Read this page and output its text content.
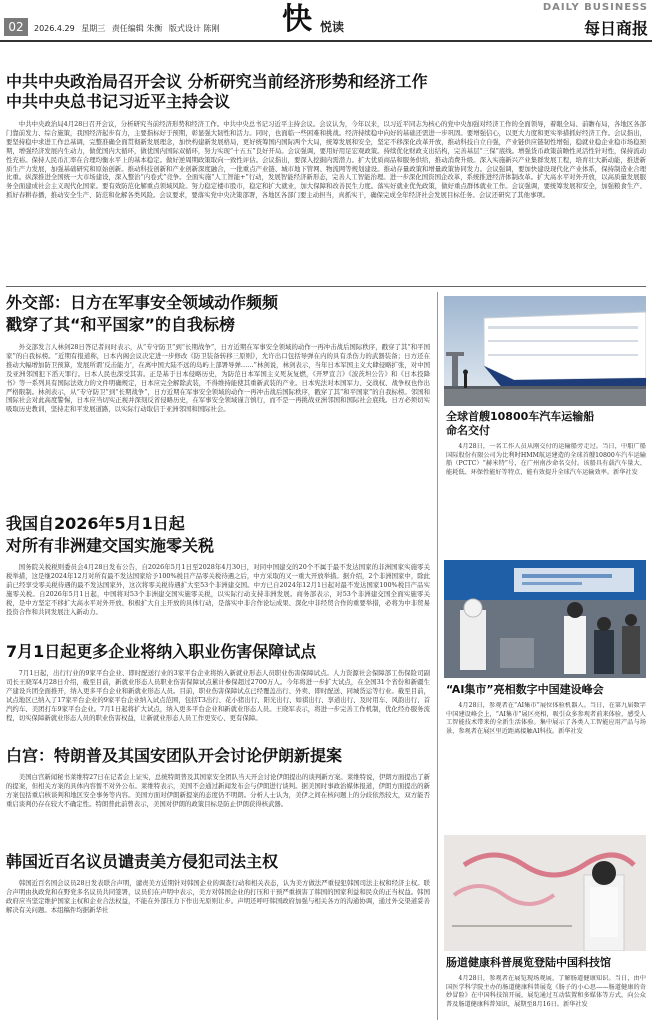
02	2026.4.29 星期三 责任编辑 朱衡 版式设计 陈刚 快 悦读
DAILY BUSINESS
每日商报
中共中央政治局召开会议 分析研究当前经济形势和经济工作
中共中央总书记习近平主持会议
中共中央政治局4月28日召开会议，分析研究当前经济形势和经济工作。中共中央总书记习近平主持会议。会议认为，今年以来，以习近平同志为核心的党中央加强对经济工作的全面领导，着眼全局、前瞻布局，各地区各部门靠前发力、综合施策，我国经济起步有力，主要指标好于预期，彰显强大韧性和活力。同时，也面临一些困难和挑战。经济持续稳中向好的基础还需进一步巩固。要增强信心，以更大力度和更实举措抓好经济工作。会议指出，要坚持稳中求进工作总基调，完整准确全面贯彻新发展理念，加快构建新发展格局，更好统筹国内国际两个大局，统筹发展和安全，坚定不移深化改革开放，推动科技自立自强，产业链供应链韧性增强，稳就业稳企业稳市场稳预期，增强经济发展内生动力，做优国内大循环，做优国内国际双循环，努力实现“十五五”良好开局。会议强调，要用好用足宏观政策。持续优化财政支出结构，完善基层“三保”底线。增强货币政策前瞻性灵活性针对性，保持流动性充裕。保持人民币汇率在合理均衡水平上的基本稳定。做好逆周期政策取向一致性评估。会议指出，要深入挖掘内需潜力。扩大优质商品和服务供给，推动消费升级。深入实施新兴产业集群发展工程，培育壮大新动能，推进新质生产力发展，加强基础研究和原始创新。推动科技创新和产业创新深度融合，一批重点产业链、城市地下管网、物流网等规划建设。推动存量政策和增量政策协同发力。会议强调，要加快建设现代化产业体系，保持制造业合理比重。纵深推进全国统一大市场建设，深入整治“内卷式”竞争。全面实施“人工智能+”行动，发展智能经济新形态，完善人工智能治理。进一步深化国资国企改革，系统推进经济体制改革。扩大高水平对外开放，以高质量发展服务全面建成社会主义现代化国家。要有效防范化解重点领域风险。努力稳定楼市股市，稳定和扩大就业，加大保障和改善民生力度。落实好就业优先政策，做好重点群体就业工作。会议强调，要统筹发展和安全，加强粮食生产、抓好春耕春播，推动安全生产、防范和化解各类风险。会议要求，要落实党中央决策部署，各地区各部门要主动担当，真抓实干，确保完成全年经济社会发展目标任务。会议还研究了其他事项。
外交部：日方在军事安全领域动作频频
戳穿了其“和平国家”的自我标榜
外交部发言人林剑28日答记者问时表示，从“专守防卫”到“长期战争”，日方近期在军事安全领域的动作一再冲击战后国际秩序，戳穿了其“和平国家”的自我标榜。“近期有报道称，日本内阁会议决定进一步修改《防卫装备转移三原则》，允许出口包括导弹在内的具有杀伤力的武器装备；日方还在推动大幅增加防卫预算，发展所谓‘反击能力’，在离中国大陆不远的岛屿上部署导弹……”林剑说，林剑表示，当年日本军国主义大肆侵略扩张，对中国及亚洲邻国犯下滔天罪行。日本人民也深受其害。正是基于日本侵略历史，为防范日本军国主义死灰复燃，《开罗宣言》《波茨坦公告》和《日本投降书》等一系列具有国际法效力的文件明确规定，日本应完全解除武装，不得维持能使其重新武装的产业。日本宪法对本国军力、交战权、战争权也作出严格限制。林剑表示，从“专守防卫”到“长期战争”，日方近期在军事安全领域的动作一再冲击战后国际秩序，戳穿了其“和平国家”的自我标榜。邻国和国际社会对此高度警惕，日本应当切实正视并深刻反省侵略历史，在军事安全领域谨言慎行，而不是一再挑战亚洲邻国和国际社会底线。日方必须切实吸取历史教训，坚持走和平发展道路，以实际行动取信于亚洲邻国和国际社会。
我国自2026年5月1日起
对所有非洲建交国实施零关税
国务院关税税则委员会4月28日发布公告，自2026年5月1日至2028年4月30日，对同中国建交的20个不属于最不发达国家的非洲国家实施零关税举措，这是继2024年12月对所有最不发达国家给予100%税目产品零关税待遇之后，中方采取的又一重大开放举措。据介绍，2个非洲国家中，除此前已经享受零关税待遇的最不发达国家外，这次将零关税待遇扩大至53个非洲建交国。中方已自2024年12月1日起对最不发达国家100%税目产品实施零关税。自2026年5月1日起，中国将对53个非洲建交国实施零关税，以实际行动支持非洲发展。商务部表示，对53个非洲建交国全面实施零关税，是中方坚定不移扩大高水平对外开放、积极扩大自主开放的具体行动，是落实中非合作论坛成果、深化中非经贸合作的重要举措，必将为中非贸易投资合作和共同发展注入新动力。
7月1日起更多企业将纳入职业伤害保障试点
7月1日起，出行行业的9家平台企业、即时配送行业的3家平台企业将纳入新就业形态人员职业伤害保障试点。人力资源社会保障部工伤保险司副司长王晓军4月28日介绍，截至目前，新就业形态人员职业伤害保障试点累计参保超过2700万人。今年将进一步扩大试点，在全国31个省份和新疆生产建设兵团全面推开，纳入更多平台企业和新就业形态人员。目前，职业伤害保障试点已经覆盖出行、外卖、即时配送、同城货运等行业。截至目前，试点地区已纳入了17家平台企业的9家平台企业纳入试点范围，包括T3出行、花小猪出行、阳光出行、如祺出行、享道出行、及时用车、风韵出行、首汽约车、美团打车9家平台企业。7月1日起将扩大试点，纳入更多平台企业和新就业形态人员。王晓军表示，将进一步完善工作机制，优化经办服务流程，切实保障新就业形态人员的职业伤害权益，让新就业形态人员工作更安心、更有保障。
白宫：特朗普及其国安团队开会讨论伊朗新提案
美国白宫新闻秘书莱维特27日在记者会上证实，总统特朗普及其国家安全团队当天开会讨论伊朗提出的谈判新方案。莱维特说，伊朗方面提出了新的提案，但相关方案的具体内容暂不对外公布。莱维特表示，美国不会通过新闻发布会与伊朗进行谈判。据美国时事政治媒体报道，伊朗方面提出的新方案包括重启核谈判和地区安全事务等内容。美国方面对伊朗新提案的态度仍不明朗。分析人士认为，美伊之间在核问题上的分歧依然较大，双方能否重启谈判仍存在较大不确定性。特朗普此前曾表示，美国对伊朗的政策目标是防止伊朗获得核武器。
韩国近百名议员谴责美方侵犯司法主权
韩国近百名国会议员28日发表联合声明，谴责美方近期针对韩国企业的调查行动和相关表态，认为美方做法严重侵犯韩国司法主权和经济主权。联合声明由执政党和在野党多名议员共同签署，议员们在声明中表示，美方对韩国企业的打压和干预严重损害了韩国的国家利益和民众的正当权益。韩国政府应当坚定维护国家主权和企业合法权益，不能在外部压力下作出无原则让步。声明还呼吁韩国政府加强与相关各方的沟通协调，通过外交渠道妥善解决有关问题。本组稿件均据新华社
全球首艘10800车汽车运输船
命名交付
4月28日，一名工作人员从刚交付的运输船旁走过。当日，中船广船国际股份有限公司为比利时HMM航运建造的全球首艘10800车汽车运输船（PCTC）“赫米特”号，在广州南沙命名交付。该船具有载汽车量大、能耗低、环保性能好等特点，能有效提升全球汽车运输效率。新华社发
“AI集市”亮相数字中国建设峰会
4月28日，参观者在“AI集市”展位体验机器人。当日，在第九届数字中国建设峰会上，“AI集市”展区亮相，吸引众多参观者前来体验，感受人工智能技术带来的全新生活体验。集中展示了各类人工智能应用产品与场景，参观者在展区里近距离接触AI科技。新华社发
肠道健康科普展览登陆中国科技馆
4月28日，参观者在展览现场观展，了解肠道健康知识。当日，由中国医学科学院主办的肠道健康科普展览《肠子的小心思——肠道健康的奇妙冒险》在中国科技馆开展，展览通过互动装置和多媒体等方式，向公众普及肠道健康科普知识，展期至8月16日。新华社发
